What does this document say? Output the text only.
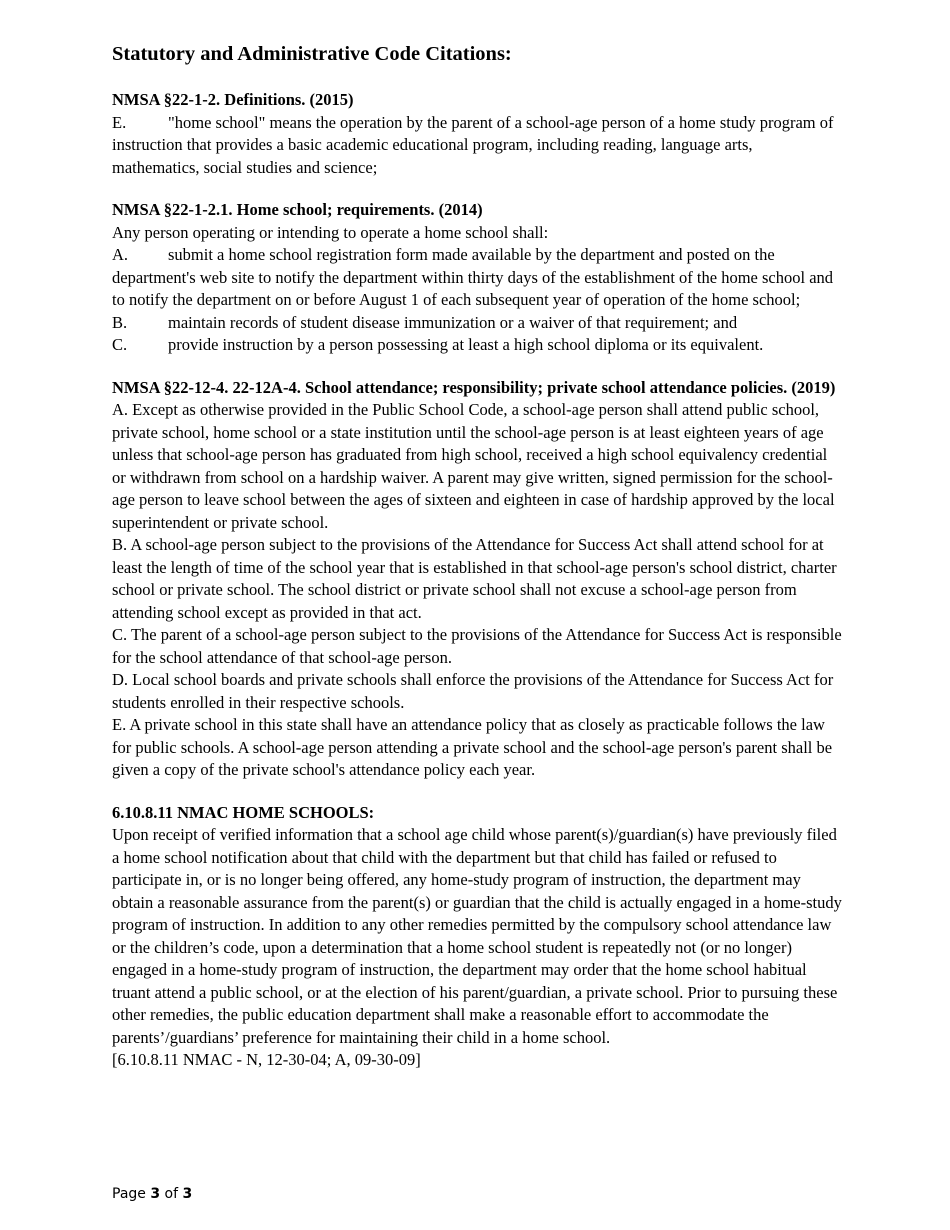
Statutory and Administrative Code Citations:

NMSA §22-1-2. Definitions. (2015)

E.	"home school" means the operation by the parent of a school-age person of a home study program of instruction that provides a basic academic educational program, including reading, language arts, mathematics, social studies and science;

NMSA §22-1-2.1. Home school; requirements. (2014)

Any person operating or intending to operate a home school shall:

A. submit a home school registration form made available by the department and posted on the department's web site to notify the department within thirty days of the establishment of the home school and to notify the department on or before August 1 of each subsequent year of operation of the home school;

B. maintain records of student disease immunization or a waiver of that requirement; and

C. provide instruction by a person possessing at least a high school diploma or its equivalent.

NMSA §22-12-4. 22-12A-4. School attendance; responsibility; private school attendance policies. (2019)

A. Except as otherwise provided in the Public School Code, a school-age person shall attend public school, private school, home school or a state institution until the school-age person is at least eighteen years of age unless that school-age person has graduated from high school, received a high school equivalency credential or withdrawn from school on a hardship waiver. A parent may give written, signed permission for the school-age person to leave school between the ages of sixteen and eighteen in case of hardship approved by the local superintendent or private school.

B. A school-age person subject to the provisions of the Attendance for Success Act shall attend school for at least the length of time of the school year that is established in that school-age person's school district, charter school or private school. The school district or private school shall not excuse a school-age person from attending school except as provided in that act.

C. The parent of a school-age person subject to the provisions of the Attendance for Success Act is responsible for the school attendance of that school-age person.

D. Local school boards and private schools shall enforce the provisions of the Attendance for Success Act for students enrolled in their respective schools.

E. A private school in this state shall have an attendance policy that as closely as practicable follows the law for public schools. A school-age person attending a private school and the school-age person's parent shall be given a copy of the private school's attendance policy each year.

6.10.8.11 NMAC HOME SCHOOLS:

Upon receipt of verified information that a school age child whose parent(s)/guardian(s) have previously filed a home school notification about that child with the department but that child has failed or refused to participate in, or is no longer being offered, any home-study program of instruction, the department may obtain a reasonable assurance from the parent(s) or guardian that the child is actually engaged in a home-study program of instruction. In addition to any other remedies permitted by the compulsory school attendance law or the children’s code, upon a determination that a home school student is repeatedly not (or no longer) engaged in a home-study program of instruction, the department may order that the home school habitual truant attend a public school, or at the election of his parent/guardian, a private school. Prior to pursuing these other remedies, the public education department shall make a reasonable effort to accommodate the parents’/guardians’ preference for maintaining their child in a home school.

[6.10.8.11 NMAC - N, 12-30-04; A, 09-30-09]

Page 3 of 3
